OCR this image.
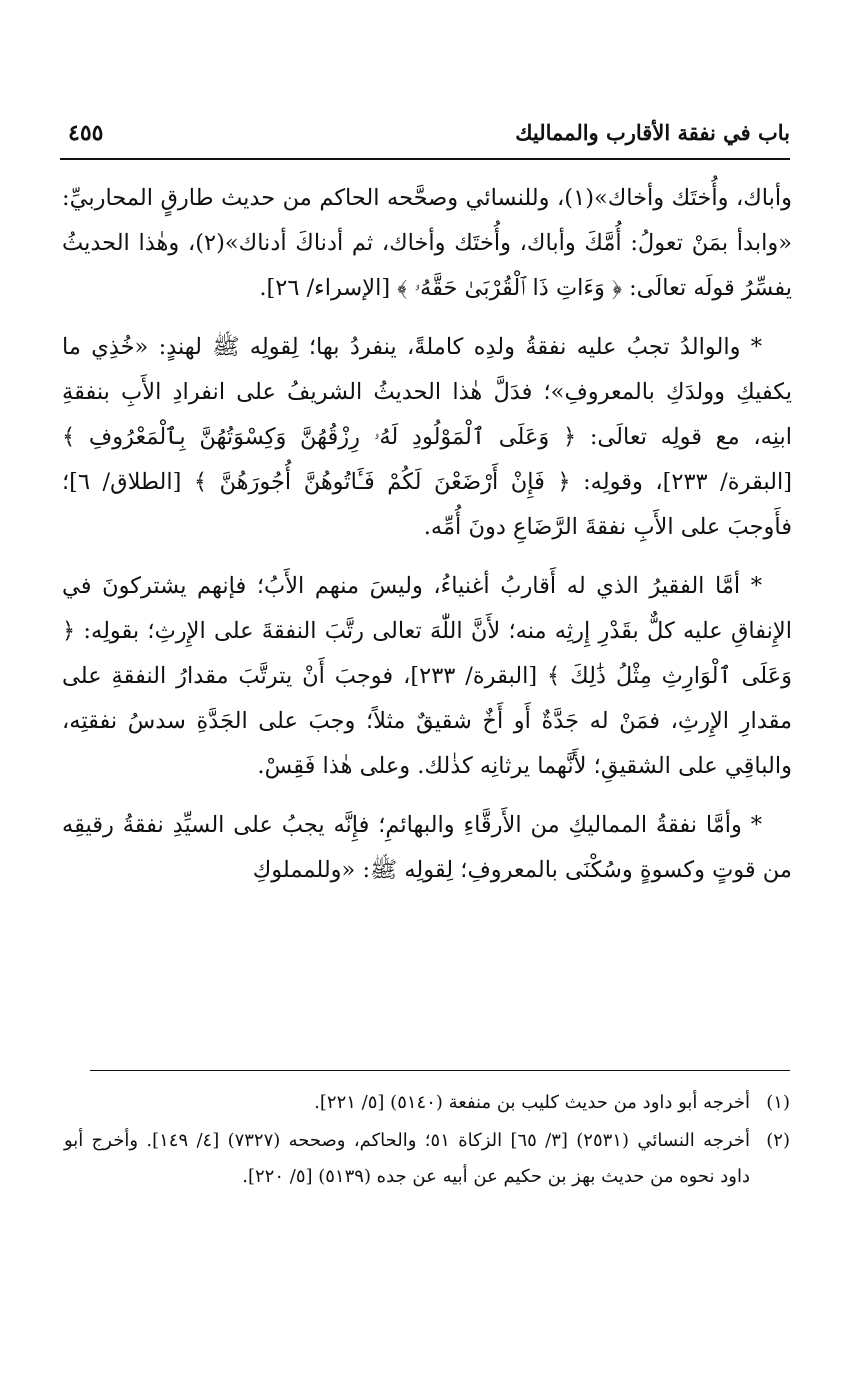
باب في نفقة الأقارب والمماليك
٤٥٥

وأباك، وأُختَك وأخاك»(١)، وللنسائي وصحَّحه الحاكم من حديث طارقٍ المحاربيِّ: «وابدأ بمَنْ تعولُ: أُمَّكَ وأباك، وأُختَك وأخاك، ثم أدناكَ أدناك»(٢)، وهٰذا الحديثُ يفسِّرُ قولَه تعالَى: ﴿ وَءَاتِ ذَا ٱلْقُرْبَىٰ حَقَّهُۥ ﴾ [الإسراء/ ٢٦].

* والوالدُ تجبُ عليه نفقةُ ولدِه كاملةً، ينفردُ بها؛ لِقولِه ﷺ لهندٍ: «خُذِي ما يكفيكِ وولدَكِ بالمعروفِ»؛ فدَلَّ هٰذا الحديثُ الشريفُ على انفرادِ الأَبِ بنفقةِ ابنِه، مع قولِه تعالَى: ﴿ وَعَلَى ٱلْمَوْلُودِ لَهُۥ رِزْقُهُنَّ وَكِسْوَتُهُنَّ بِٱلْمَعْرُوفِ ﴾ [البقرة/ ٢٣٣]، وقولِه: ﴿ فَإِنْ أَرْضَعْنَ لَكُمْ فَـَٔاتُوهُنَّ أُجُورَهُنَّ ﴾ [الطلاق/ ٦]؛ فأَوجبَ على الأَبِ نفقةَ الرَّضَاعِ دونَ أُمِّه.

* أمَّا الفقيرُ الذي له أَقاربُ أغنياءُ، وليسَ منهم الأَبُ؛ فإنهم يشتركونَ في الإِنفاقِ عليه كلٌّ بقَدْرِ إِرثِه منه؛ لأَنَّ اللّٰهَ تعالى رتَّبَ النفقةَ على الإِرثِ؛ بقولِه: ﴿ وَعَلَى ٱلْوَارِثِ مِثْلُ ذَٰلِكَ ﴾ [البقرة/ ٢٣٣]، فوجبَ أَنْ يترتَّبَ مقدارُ النفقةِ على مقدارِ الإِرثِ، فمَنْ له جَدَّةٌ أَو أَخٌ شقيقٌ مثلاً؛ وجبَ على الجَدَّةِ سدسُ نفقتِه، والباقِي على الشقيقِ؛ لأَنَّهما يرثانِه كذٰلك. وعلى هٰذا فَقِسْ.

* وأمَّا نفقةُ المماليكِ من الأَرقَّاءِ والبهائمِ؛ فإِنَّه يجبُ على السيِّدِ نفقةُ رقيقِه من قوتٍ وكسوةٍ وسُكْنَى بالمعروفِ؛ لِقولِه ﷺ: «وللمملوكِ

(١)
أخرجه أبو داود من حديث كليب بن منفعة (٥١٤٠) [٥/ ٢٢١].

(٢)
أخرجه النسائي (٢٥٣١) [٣/ ٦٥] الزكاة ٥١؛ والحاكم، وصححه (٧٣٢٧) [٤/ ١٤٩]. وأخرج أبو داود نحوه من حديث بهز بن حكيم عن أبيه عن جده (٥١٣٩) [٥/ ٢٢٠].
